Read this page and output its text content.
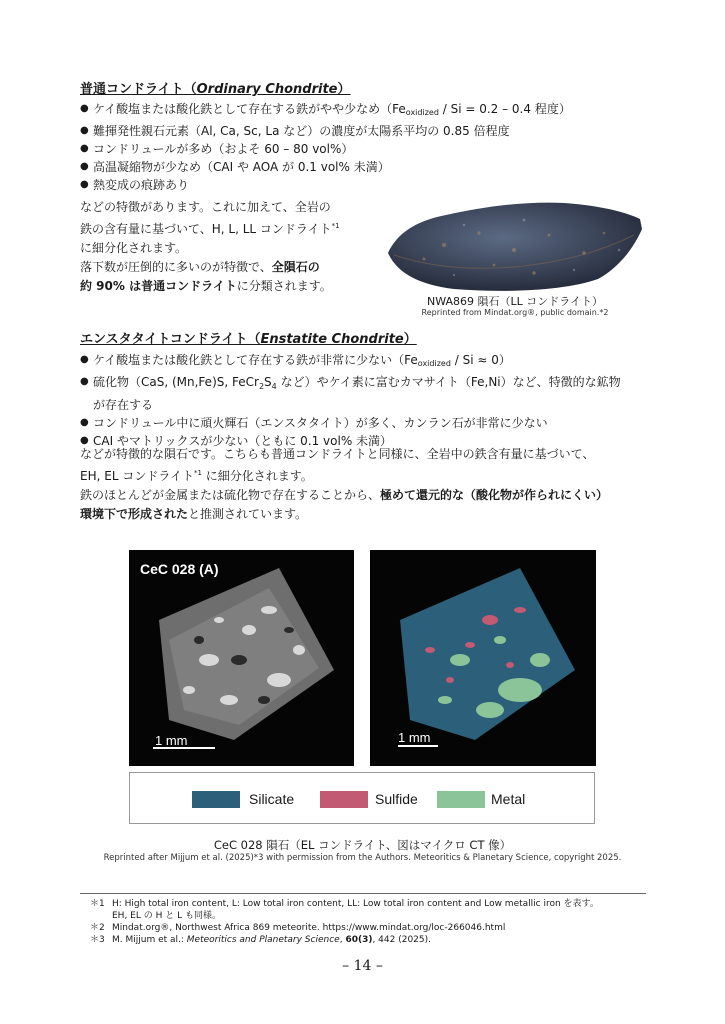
普通コンドライト（Ordinary Chondrite）
● ケイ酸塩または酸化鉄として存在する鉄がやや少なめ（$Fe_{oxidized} / Si = 0.2 - 0.4$ 程度）
● 難揮発性親石元素（Al, Ca, Sc, La など）の濃度が太陽系平均の 0.85 倍程度
● コンドリュールが多め（およそ 60 – 80 vol%）
● 高温凝縮物が少なめ（CAI や AOA が 0.1 vol% 未満）
● 熱変成の痕跡あり
などの特徴があります。これに加えて、全岩の
鉄の含有量に基づいて、H, L, LL コンドライト$^{*1}$
に細分化されます。
落下数が圧倒的に多いのが特徴で、全隕石の
約 90% は普通コンドライトに分類されます。
NWA869 隕石（LL コンドライト）
Reprinted from Mindat.org®, public domain.*2
エンスタタイトコンドライト（Enstatite Chondrite）
● ケイ酸塩または酸化鉄として存在する鉄が非常に少ない$(Fe_{oxidized} / Si \approx 0)$
● 硫化物（CaS, (Mn,Fe)S, $FeCr_2S_4$ など）やケイ素に富むカマサイト（Fe,Ni）など、特徴的な鉱物
が存在する
● コンドリュール中に頑火輝石（エンスタタイト）が多く、カンラン石が非常に少ない
● CAI やマトリックスが少ない（ともに 0.1 vol% 未満）
などが特徴的な隕石です。こちらも普通コンドライトと同様に、全岩中の鉄含有量に基づいて、
EH, EL コンドライト$^{*1}$ に細分化されます。
鉄のほとんどが金属または硫化物で存在することから、極めて還元的な（酸化物が作られにくい）
環境下で形成されたと推測されています。
CeC 028 (A)
1 mm	1 mm
Silicate	Sulfide	Metal
CeC 028 隕石（EL コンドライト、図はマイクロ CT 像）
Reprinted after Mijjum et al. (2025)*3 with permission from the Authors. Meteoritics & Planetary Science, copyright 2025.
＊1 H: High total iron content, L: Low total iron content, LL: Low total iron content and Low metallic iron を表す。
EH, EL の H と L も同様。
＊2 Mindat.org®, Northwest Africa 869 meteorite. https://www.mindat.org/loc-266046.html
＊3 M. Mijjum et al.: Meteoritics and Planetary Science, 60(3), 442 (2025).
– 14 –
